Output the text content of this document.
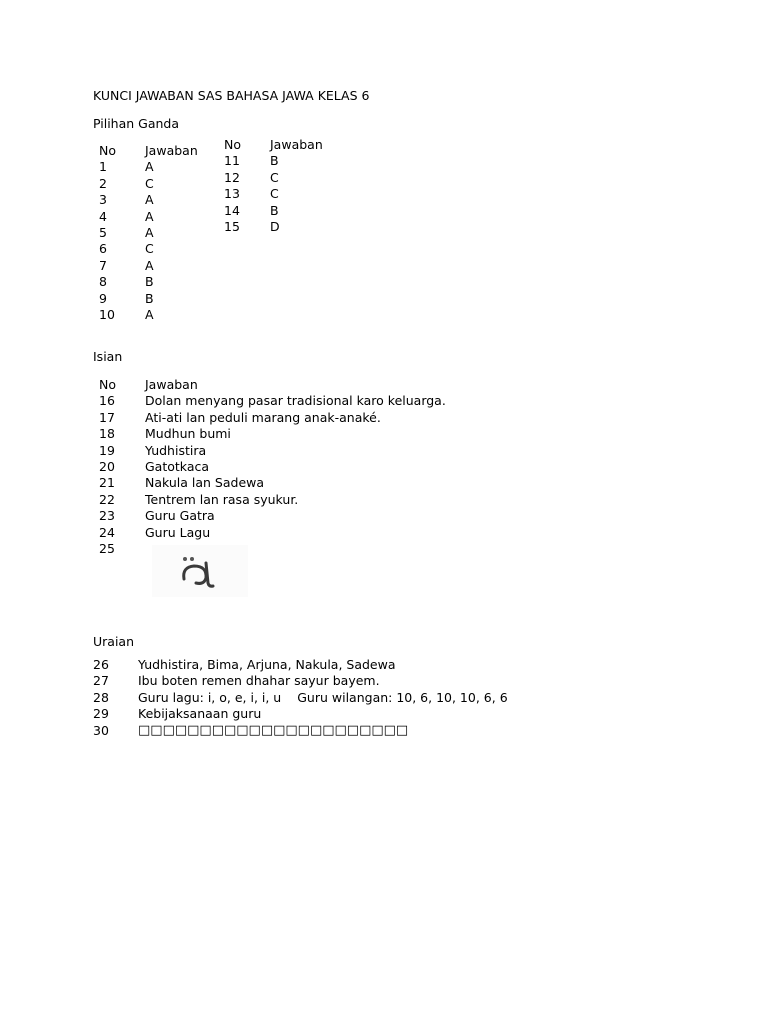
KUNCI JAWABAN SAS BAHASA JAWA KELAS 6
Pilihan Ganda
No	Jawaban
1	A
2	C
3	A
4	A
5	A
6	C
7	A
8	B
9	B
10	A
No	Jawaban
11	B
12	C
13	C
14	B
15	D
Isian
No	Jawaban
16	Dolan menyang pasar tradisional karo keluarga.
17	Ati-ati lan peduli marang anak-anaké.
18	Mudhun bumi
19	Yudhistira
20	Gatotkaca
21	Nakula lan Sadewa
22	Tentrem lan rasa syukur.
23	Guru Gatra
24	Guru Lagu
25
Uraian
26	Yudhistira, Bima, Arjuna, Nakula, Sadewa
27	Ibu boten remen dhahar sayur bayem.
28	Guru lagu: i, o, e, i, i, u Guru wilangan: 10, 6, 10, 10, 6, 6
29	Kebijaksanaan guru
30	□□□□□□□□□□□□□□□□□□□□□□
